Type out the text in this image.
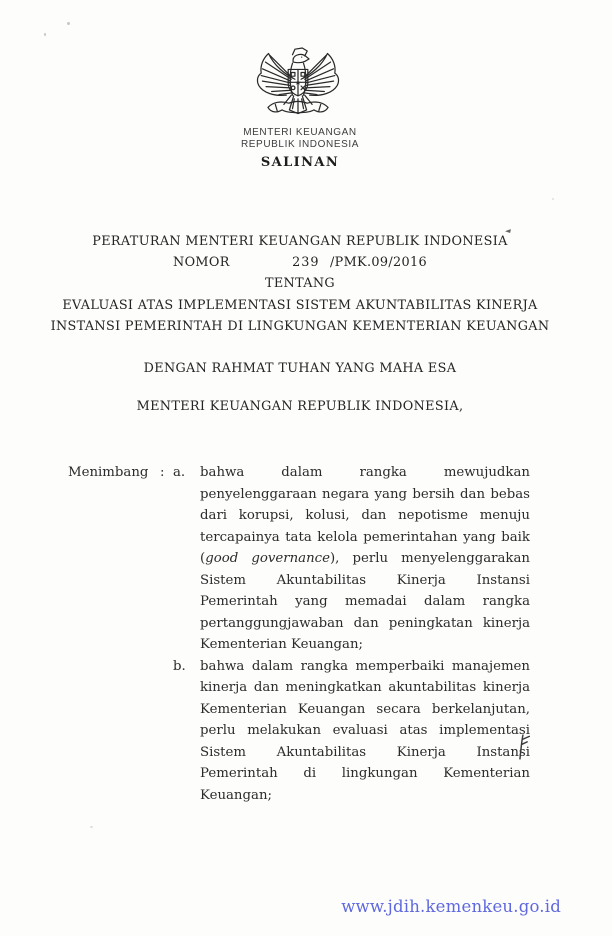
MENTERI KEUANGAN
REPUBLIK INDONESIA
SALINAN
PERATURAN MENTERI KEUANGAN REPUBLIK INDONESIA
NOMOR	239 /PMK.09/2016
TENTANG
EVALUASI ATAS IMPLEMENTASI SISTEM AKUNTABILITAS KINERJA
INSTANSI PEMERINTAH DI LINGKUNGAN KEMENTERIAN KEUANGAN
DENGAN RAHMAT TUHAN YANG MAHA ESA
MENTERI KEUANGAN REPUBLIK INDONESIA,
Menimbang : a.	bahwa dalam rangka mewujudkan penyelenggaraan negara yang bersih dan bebas dari korupsi, kolusi, dan nepotisme menuju tercapainya tata kelola pemerintahan yang baik (good governance), perlu menyelenggarakan Sistem Akuntabilitas Kinerja Instansi Pemerintah yang memadai dalam rangka pertanggungjawaban dan peningkatan kinerja Kementerian Keuangan;
b.	bahwa dalam rangka memperbaiki manajemen kinerja dan meningkatkan akuntabilitas kinerja Kementerian Keuangan secara berkelanjutan, perlu melakukan evaluasi atas implementasi Sistem Akuntabilitas Kinerja Instansi Pemerintah di lingkungan Kementerian Keuangan;
www.jdih.kemenkeu.go.id
